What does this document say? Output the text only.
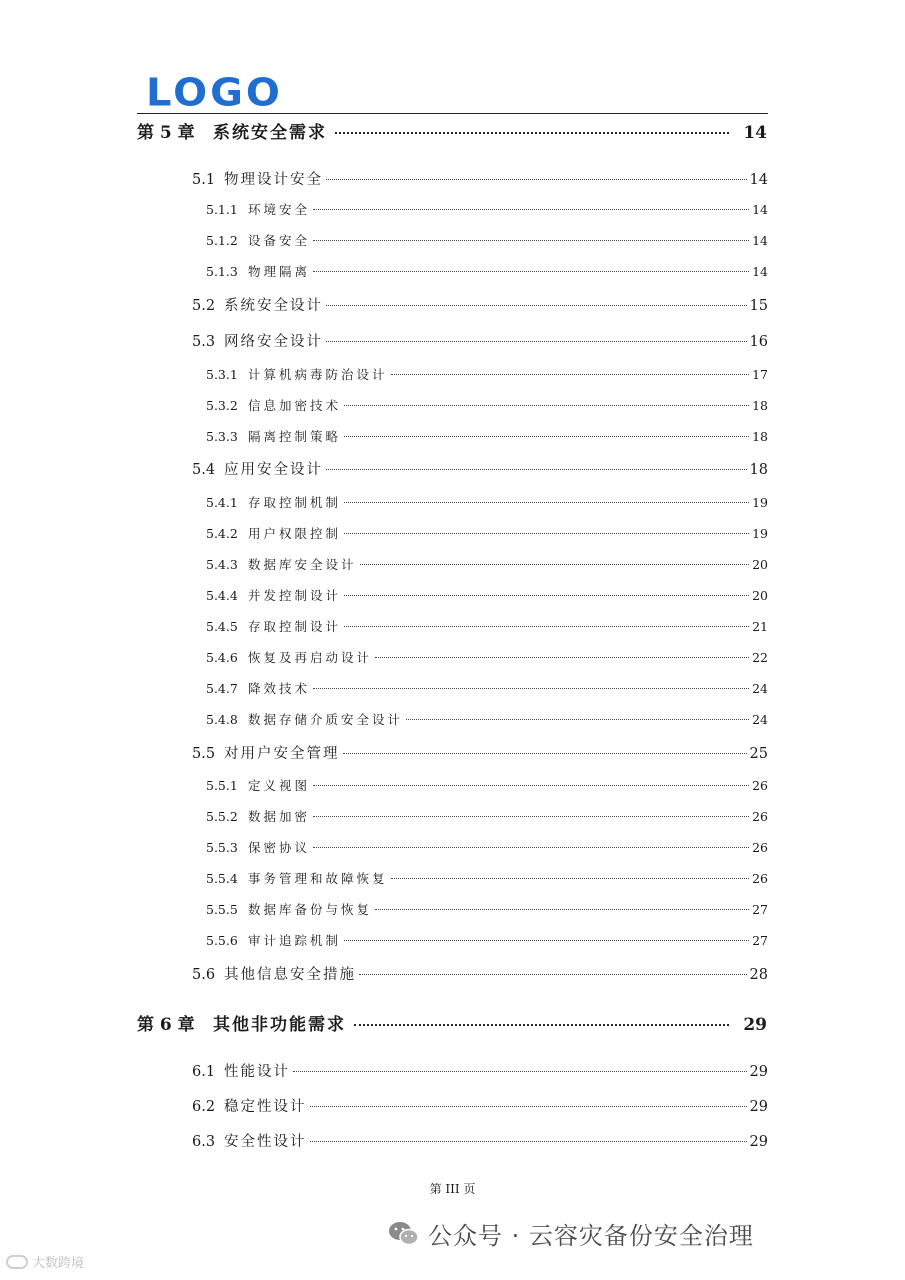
LOGO
第 5 章	系统安全需求	14
5.1 物理设计安全	14
5.1.1 环境安全	14
5.1.2 设备安全	14
5.1.3 物理隔离	14
5.2 系统安全设计	15
5.3 网络安全设计	16
5.3.1 计算机病毒防治设计	17
5.3.2 信息加密技术	18
5.3.3 隔离控制策略	18
5.4 应用安全设计	18
5.4.1 存取控制机制	19
5.4.2 用户权限控制	19
5.4.3 数据库安全设计	20
5.4.4 并发控制设计	20
5.4.5 存取控制设计	21
5.4.6 恢复及再启动设计	22
5.4.7 降效技术	24
5.4.8 数据存储介质安全设计	24
5.5 对用户安全管理	25
5.5.1 定义视图	26
5.5.2 数据加密	26
5.5.3 保密协议	26
5.5.4 事务管理和故障恢复	26
5.5.5 数据库备份与恢复	27
5.5.6 审计追踪机制	27
5.6 其他信息安全措施	28
第 6 章	其他非功能需求	29
6.1 性能设计	29
6.2 稳定性设计	29
6.3 安全性设计	29
第 III 页
公众号 · 云容灾备份安全治理
大数跨境
